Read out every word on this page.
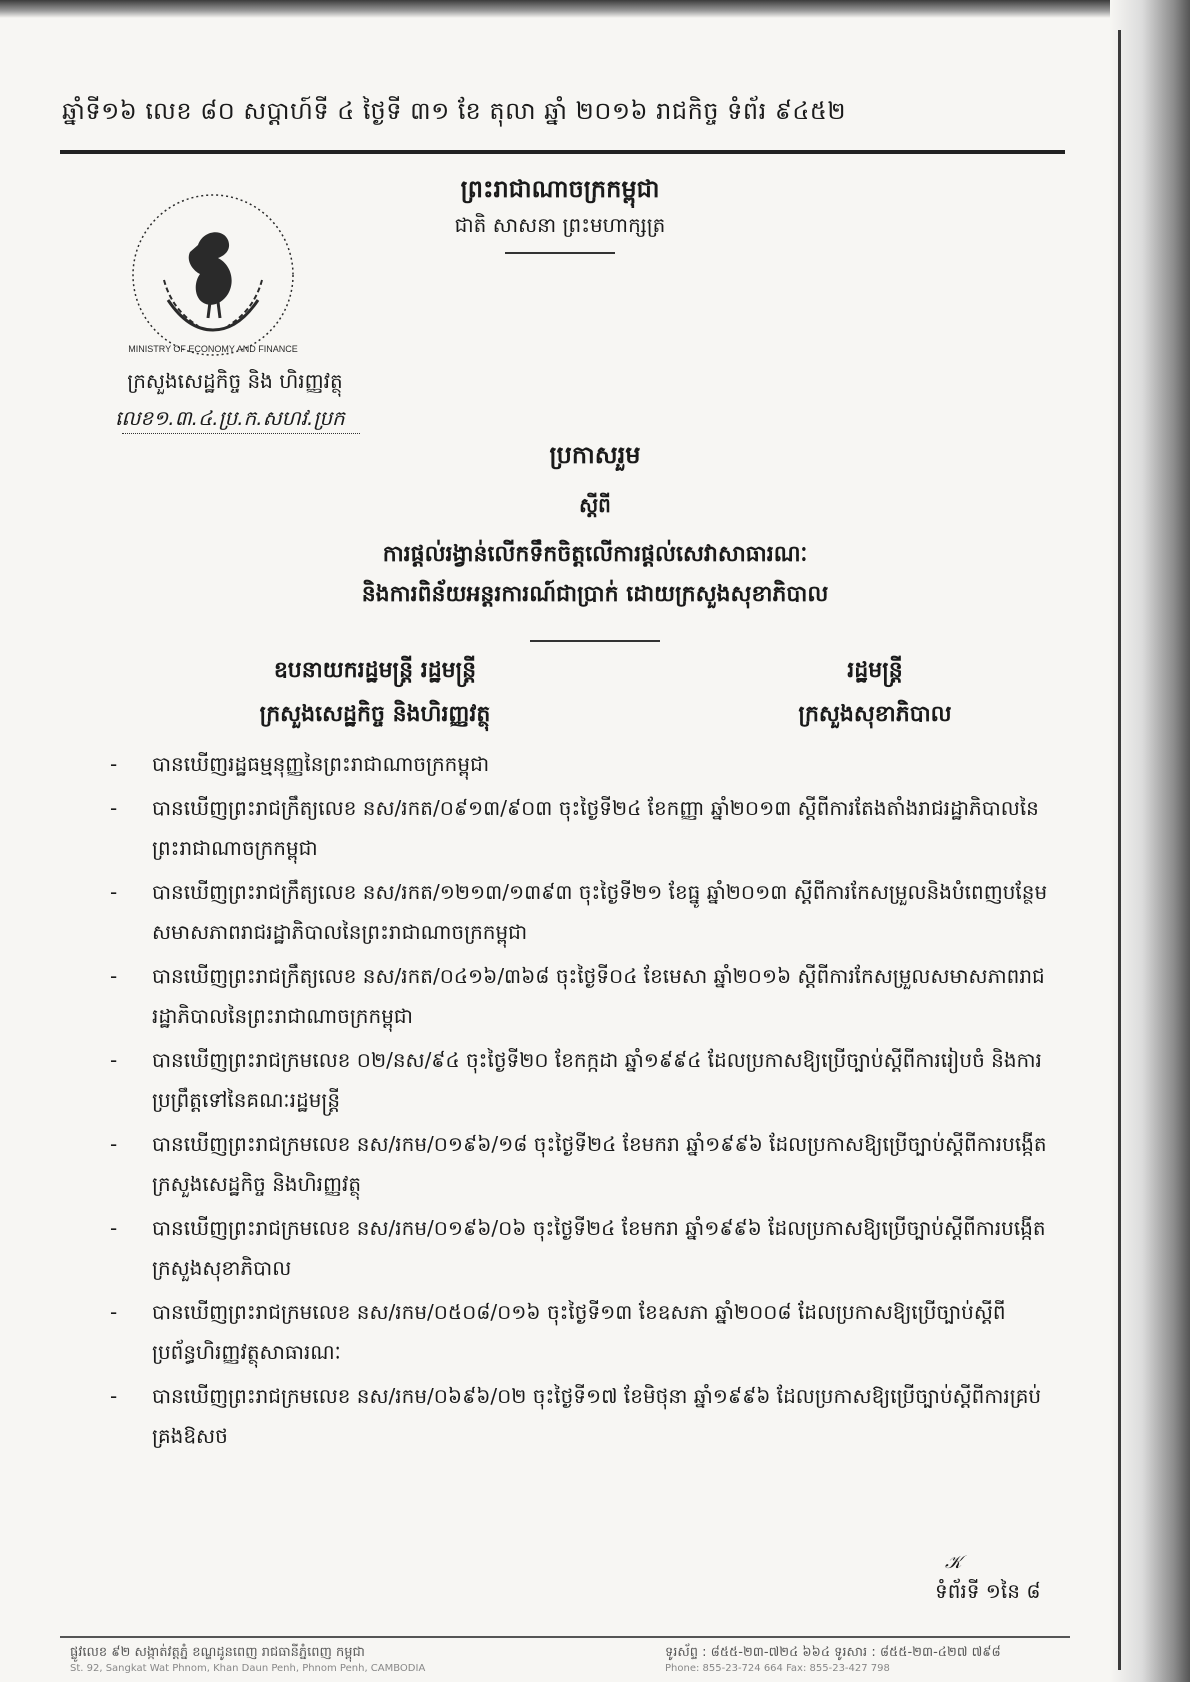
ឆ្នាំទី១៦ លេខ ៨០ សប្តាហ៍ទី ៤ ថ្ងៃទី ៣១ ខែ តុលា ឆ្នាំ ២០១៦ រាជកិច្ច ទំព័រ ៩៤៥២
ព្រះរាជាណាចក្រកម្ពុជា
ជាតិ សាសនា ព្រះមហាក្សត្រ
MINISTRY OF ECONOMY AND FINANCE
ក្រសួងសេដ្ឋកិច្ច និង ហិរញ្ញវត្ថុ
លេខ១.៣.៤.ប្រ.ក.សហវ.ប្រក
ប្រកាសរួម
ស្តីពី
ការផ្តល់រង្វាន់លើកទឹកចិត្តលើការផ្តល់សេវាសាធារណៈ
និងការពិន័យអន្តរការណ៍ជាប្រាក់ ដោយក្រសួងសុខាភិបាល
ឧបនាយករដ្ឋមន្ត្រី រដ្ឋមន្ត្រី
ក្រសួងសេដ្ឋកិច្ច និងហិរញ្ញវត្ថុ
រដ្ឋមន្ត្រី
ក្រសួងសុខាភិបាល
- បានឃើញរដ្ឋធម្មនុញ្ញនៃព្រះរាជាណាចក្រកម្ពុជា
- បានឃើញព្រះរាជក្រឹត្យលេខ នស/រកត/០៩១៣/៩០៣ ចុះថ្ងៃទី២៤ ខែកញ្ញា ឆ្នាំ២០១៣ ស្តីពីការតែងតាំងរាជរដ្ឋាភិបាលនៃព្រះរាជាណាចក្រកម្ពុជា
- បានឃើញព្រះរាជក្រឹត្យលេខ នស/រកត/១២១៣/១៣៩៣ ចុះថ្ងៃទី២១ ខែធ្នូ ឆ្នាំ២០១៣ ស្តីពីការកែសម្រួលនិងបំពេញបន្ថែមសមាសភាពរាជរដ្ឋាភិបាលនៃព្រះរាជាណាចក្រកម្ពុជា
- បានឃើញព្រះរាជក្រឹត្យលេខ នស/រកត/០៤១៦/៣៦៨ ចុះថ្ងៃទី០៤ ខែមេសា ឆ្នាំ២០១៦ ស្តីពីការកែសម្រួលសមាសភាពរាជរដ្ឋាភិបាលនៃព្រះរាជាណាចក្រកម្ពុជា
- បានឃើញព្រះរាជក្រមលេខ ០២/នស/៩៤ ចុះថ្ងៃទី២០ ខែកក្កដា ឆ្នាំ១៩៩៤ ដែលប្រកាសឱ្យប្រើច្បាប់ស្តីពីការរៀបចំ និងការប្រព្រឹត្តទៅនៃគណៈរដ្ឋមន្ត្រី
- បានឃើញព្រះរាជក្រមលេខ នស/រកម/០១៩៦/១៨ ចុះថ្ងៃទី២៤ ខែមករា ឆ្នាំ១៩៩៦ ដែលប្រកាសឱ្យប្រើច្បាប់ស្តីពីការបង្កើតក្រសួងសេដ្ឋកិច្ច និងហិរញ្ញវត្ថុ
- បានឃើញព្រះរាជក្រមលេខ នស/រកម/០១៩៦/០៦ ចុះថ្ងៃទី២៤ ខែមករា ឆ្នាំ១៩៩៦ ដែលប្រកាសឱ្យប្រើច្បាប់ស្តីពីការបង្កើតក្រសួងសុខាភិបាល
- បានឃើញព្រះរាជក្រមលេខ នស/រកម/០៥០៨/០១៦ ចុះថ្ងៃទី១៣ ខែឧសភា ឆ្នាំ២០០៨ ដែលប្រកាសឱ្យប្រើច្បាប់ស្តីពីប្រព័ន្ធហិរញ្ញវត្ថុសាធារណៈ
- បានឃើញព្រះរាជក្រមលេខ នស/រកម/០៦៩៦/០២ ចុះថ្ងៃទី១៧ ខែមិថុនា ឆ្នាំ១៩៩៦ ដែលប្រកាសឱ្យប្រើច្បាប់ស្តីពីការគ្រប់គ្រងឱសថ
𝒦
ទំព័រទី ១នៃ ៨
ផ្លូវលេខ ៩២ សង្កាត់វត្តភ្នំ ខណ្ឌដូនពេញ រាជធានីភ្នំពេញ កម្ពុជា
St. 92, Sangkat Wat Phnom, Khan Daun Penh, Phnom Penh, CAMBODIA
ទូរស័ព្ទ : ៨៥៥-២៣-៧២៤ ៦៦៤ ទូរសារ : ៨៥៥-២៣-៤២៧ ៧៩៨
Phone: 855-23-724 664 Fax: 855-23-427 798
